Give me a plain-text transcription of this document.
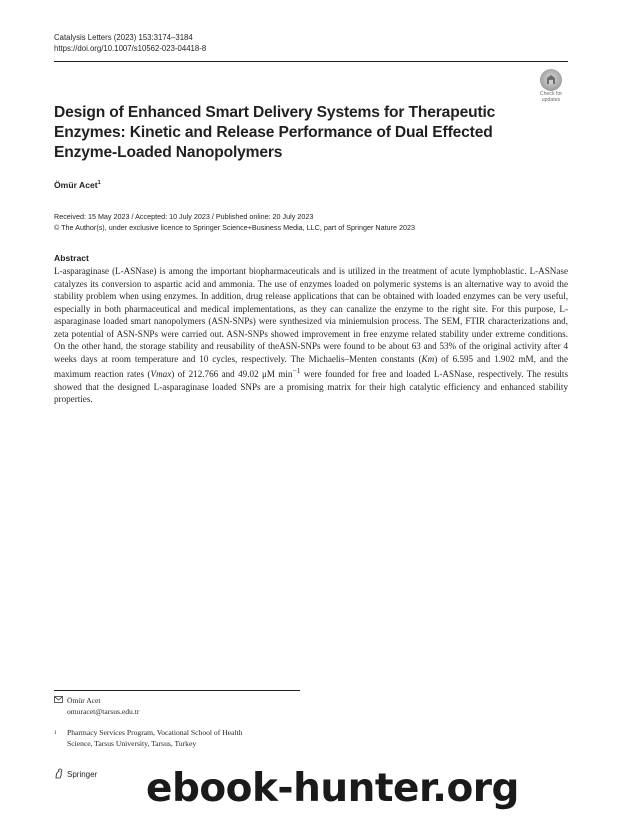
Catalysis Letters (2023) 153:3174–3184
https://doi.org/10.1007/s10562-023-04418-8
Check for
updates
Design of Enhanced Smart Delivery Systems for Therapeutic Enzymes: Kinetic and Release Performance of Dual Effected Enzyme-Loaded Nanopolymers
Ömür Acet$^1$
Received: 15 May 2023 / Accepted: 10 July 2023 / Published online: 20 July 2023
© The Author(s), under exclusive licence to Springer Science+Business Media, LLC, part of Springer Nature 2023
Abstract
L-asparaginase (L-ASNase) is among the important biopharmaceuticals and is utilized in the treatment of acute lymphoblastic. L-ASNase catalyzes its conversion to aspartic acid and ammonia. The use of enzymes loaded on polymeric systems is an alternative way to avoid the stability problem when using enzymes. In addition, drug release applications that can be obtained with loaded enzymes can be very useful, especially in both pharmaceutical and medical implementations, as they can canalize the enzyme to the right site. For this purpose, L-asparaginase loaded smart nanopolymers (ASN-SNPs) were synthesized via miniemulsion process. The SEM, FTIR characterizations and, zeta potential of ASN-SNPs were carried out. ASN-SNPs showed improvement in free enzyme related stability under extreme conditions. On the other hand, the storage stability and reusability of theASN-SNPs were found to be about 63 and 53% of the original activity after 4 weeks days at room temperature and 10 cycles, respectively. The Michaelis–Menten constants (Km) of 6.595 and 1.902 mM, and the maximum reaction rates (Vmax) of 212.766 and 49.02 μM $\min^{-1}$ were founded for free and loaded L-ASNase, respectively. The results showed that the designed L-asparaginase loaded SNPs are a promising matrix for their high catalytic efficiency and enhanced stability properties.
Ömür Acet
omuracet@tarsus.edu.tr
1 Pharmacy Services Program, Vocational School of Health
Science, Tarsus University, Tarsus, Turkey
Springer ebook-hunter.org
